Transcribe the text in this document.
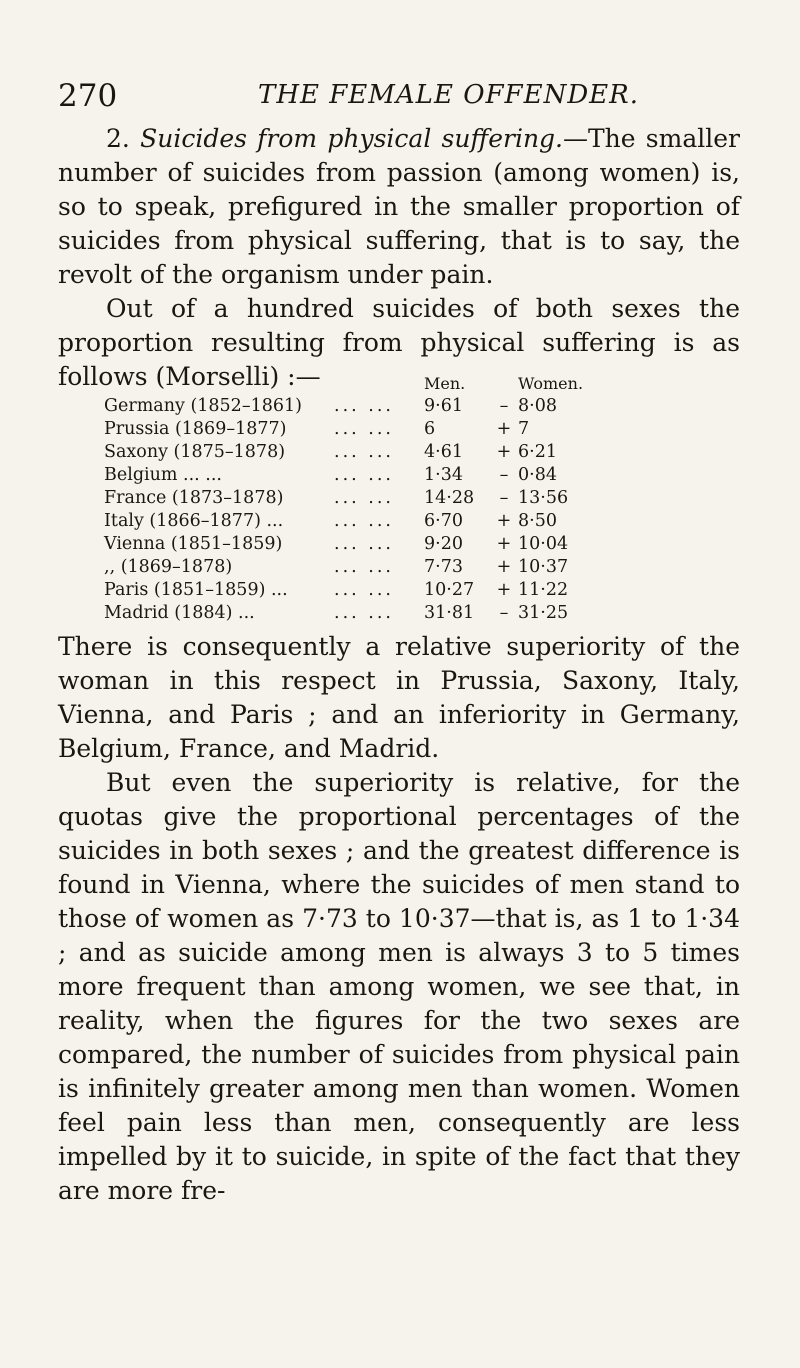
270	THE FEMALE OFFENDER.

2. Suicides from physical suffering.—The smaller number of suicides from passion (among women) is, so to speak, prefigured in the smaller proportion of suicides from physical suffering, that is to say, the revolt of the organism under pain.

Out of a hundred suicides of both sexes the proportion resulting from physical suffering is as follows (Morselli) :—	Men.	Women.
Germany (1852–1861)	... ...	9·61	– 8·08
Prussia (1869–1877)	... ...	6	+ 7
Saxony (1875–1878)	... ...	4·61	+ 6·21
Belgium ... ...	... ...	1·34	– 0·84
France (1873–1878)	... ...	14·28	– 13·56
Italy (1866–1877) ...	... ...	6·70	+ 8·50
Vienna (1851–1859)	... ...	9·20	+ 10·04
,, (1869–1878)	... ...	7·73	+ 10·37
Paris (1851–1859) ...	... ...	10·27	+ 11·22
Madrid (1884) ...	... ...	31·81	– 31·25

There is consequently a relative superiority of the woman in this respect in Prussia, Saxony, Italy, Vienna, and Paris ; and an inferiority in Germany, Belgium, France, and Madrid.

But even the superiority is relative, for the quotas give the proportional percentages of the suicides in both sexes ; and the greatest difference is found in Vienna, where the suicides of men stand to those of women as 7·73 to 10·37—that is, as 1 to 1·34 ; and as suicide among men is always 3 to 5 times more frequent than among women, we see that, in reality, when the figures for the two sexes are compared, the number of suicides from physical pain is infinitely greater among men than women. Women feel pain less than men, consequently are less impelled by it to suicide, in spite of the fact that they are more fre-
